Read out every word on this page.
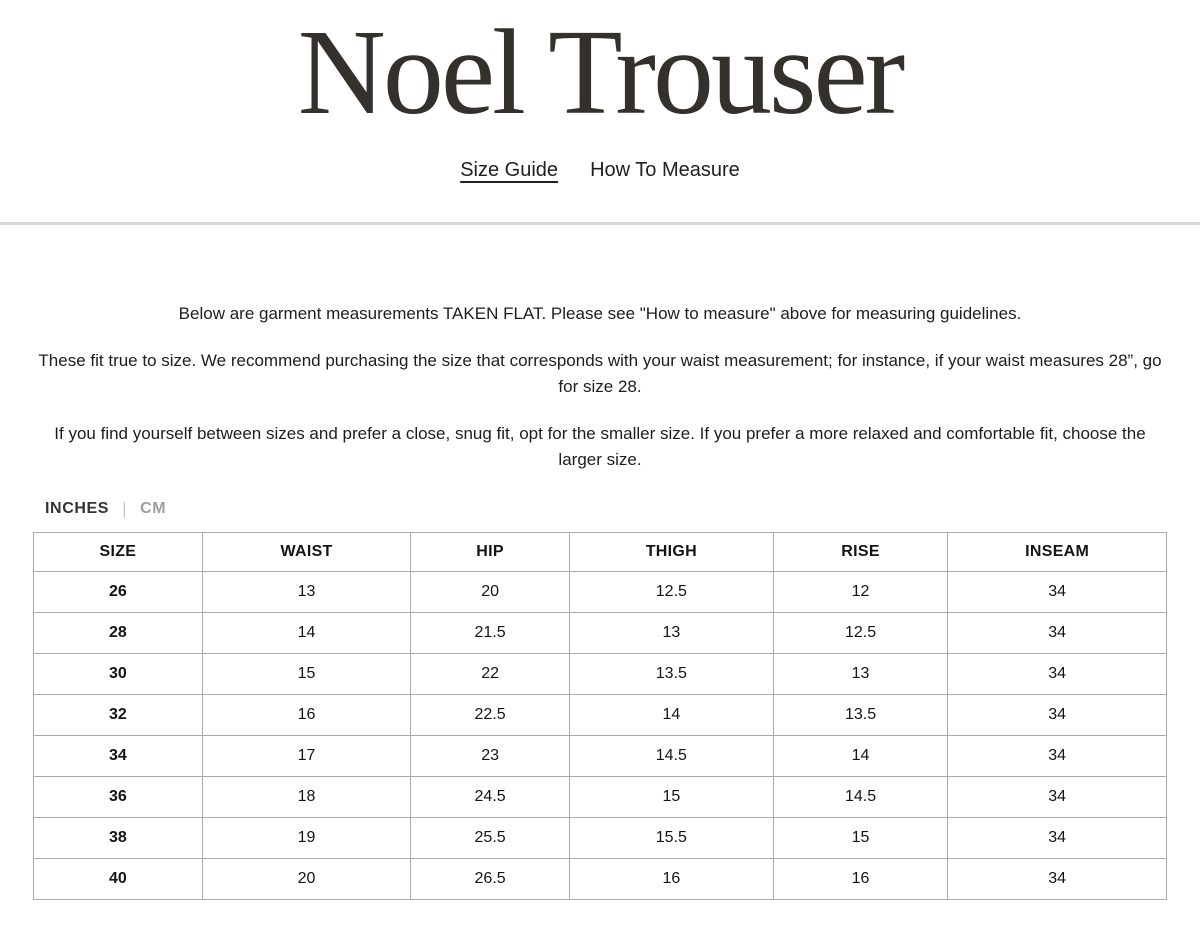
Noel Trouser
Size Guide How To Measure

Below are garment measurements TAKEN FLAT. Please see "How to measure" above for measuring guidelines.

These fit true to size. We recommend purchasing the size that corresponds with your waist measurement; for instance, if your waist measures 28”, go for size 28.

If you find yourself between sizes and prefer a close, snug fit, opt for the smaller size. If you prefer a more relaxed and comfortable fit, choose the larger size.

INCHES | CM
SIZE	WAIST	HIP	THIGH	RISE	INSEAM
26	13	20	12.5	12	34
28	14	21.5	13	12.5	34
30	15	22	13.5	13	34
32	16	22.5	14	13.5	34
34	17	23	14.5	14	34
36	18	24.5	15	14.5	34
38	19	25.5	15.5	15	34
40	20	26.5	16	16	34
